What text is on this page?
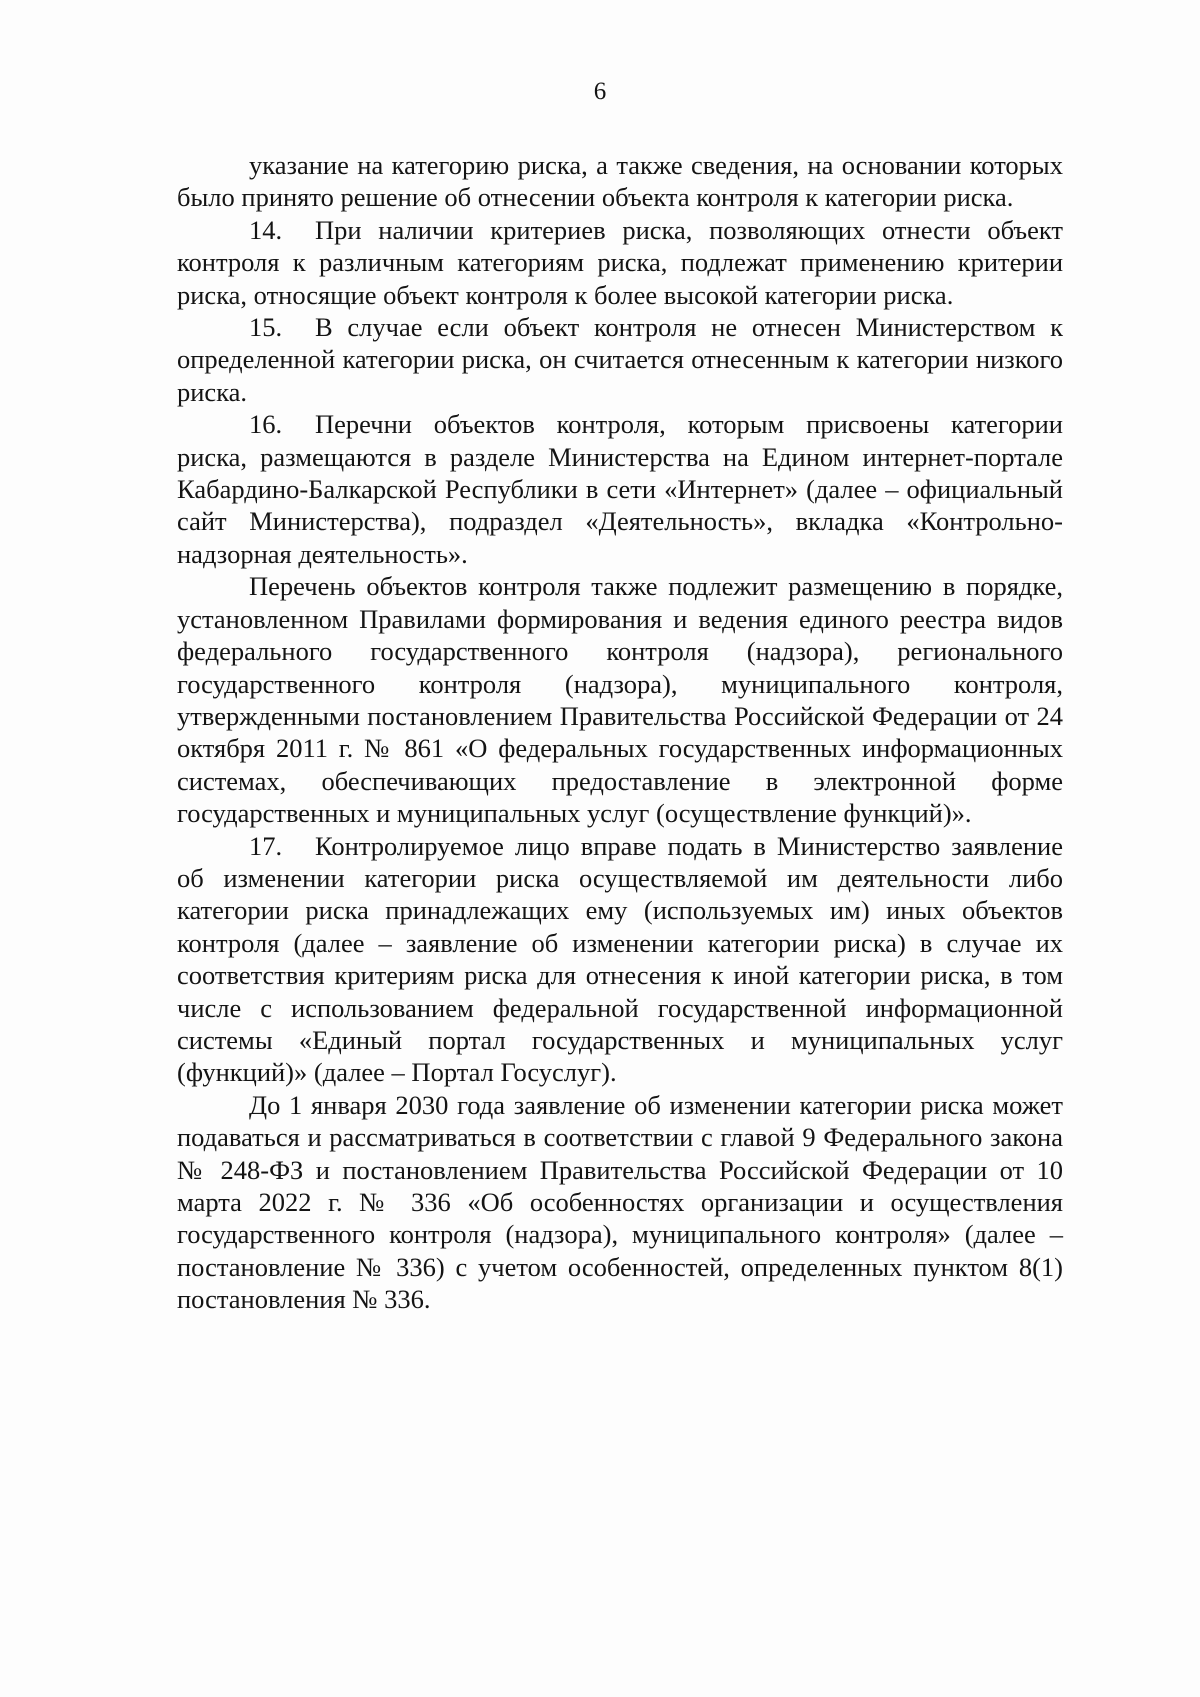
6

указание на категорию риска, а также сведения, на основании которых было принято решение об отнесении объекта контроля к категории риска.

14. При наличии критериев риска, позволяющих отнести объект контроля к различным категориям риска, подлежат применению критерии риска, относящие объект контроля к более высокой категории риска.

15. В случае если объект контроля не отнесен Министерством к определенной категории риска, он считается отнесенным к категории низкого риска.

16. Перечни объектов контроля, которым присвоены категории риска, размещаются в разделе Министерства на Едином интернет-портале Кабардино-Балкарской Республики в сети «Интернет» (далее – официальный сайт Министерства), подраздел «Деятельность», вкладка «Контрольно-надзорная деятельность».

Перечень объектов контроля также подлежит размещению в порядке, установленном Правилами формирования и ведения единого реестра видов федерального государственного контроля (надзора), регионального государственного контроля (надзора), муниципального контроля, утвержденными постановлением Правительства Российской Федерации от 24 октября 2011 г. № 861 «О федеральных государственных информационных системах, обеспечивающих предоставление в электронной форме государственных и муниципальных услуг (осуществление функций)».

17. Контролируемое лицо вправе подать в Министерство заявление об изменении категории риска осуществляемой им деятельности либо категории риска принадлежащих ему (используемых им) иных объектов контроля (далее – заявление об изменении категории риска) в случае их соответствия критериям риска для отнесения к иной категории риска, в том числе с использованием федеральной государственной информационной системы «Единый портал государственных и муниципальных услуг (функций)» (далее – Портал Госуслуг).

До 1 января 2030 года заявление об изменении категории риска может подаваться и рассматриваться в соответствии с главой 9 Федерального закона № 248-ФЗ и постановлением Правительства Российской Федерации от 10 марта 2022 г. № 336 «Об особенностях организации и осуществления государственного контроля (надзора), муниципального контроля» (далее – постановление № 336) с учетом особенностей, определенных пунктом 8(1) постановления № 336.
